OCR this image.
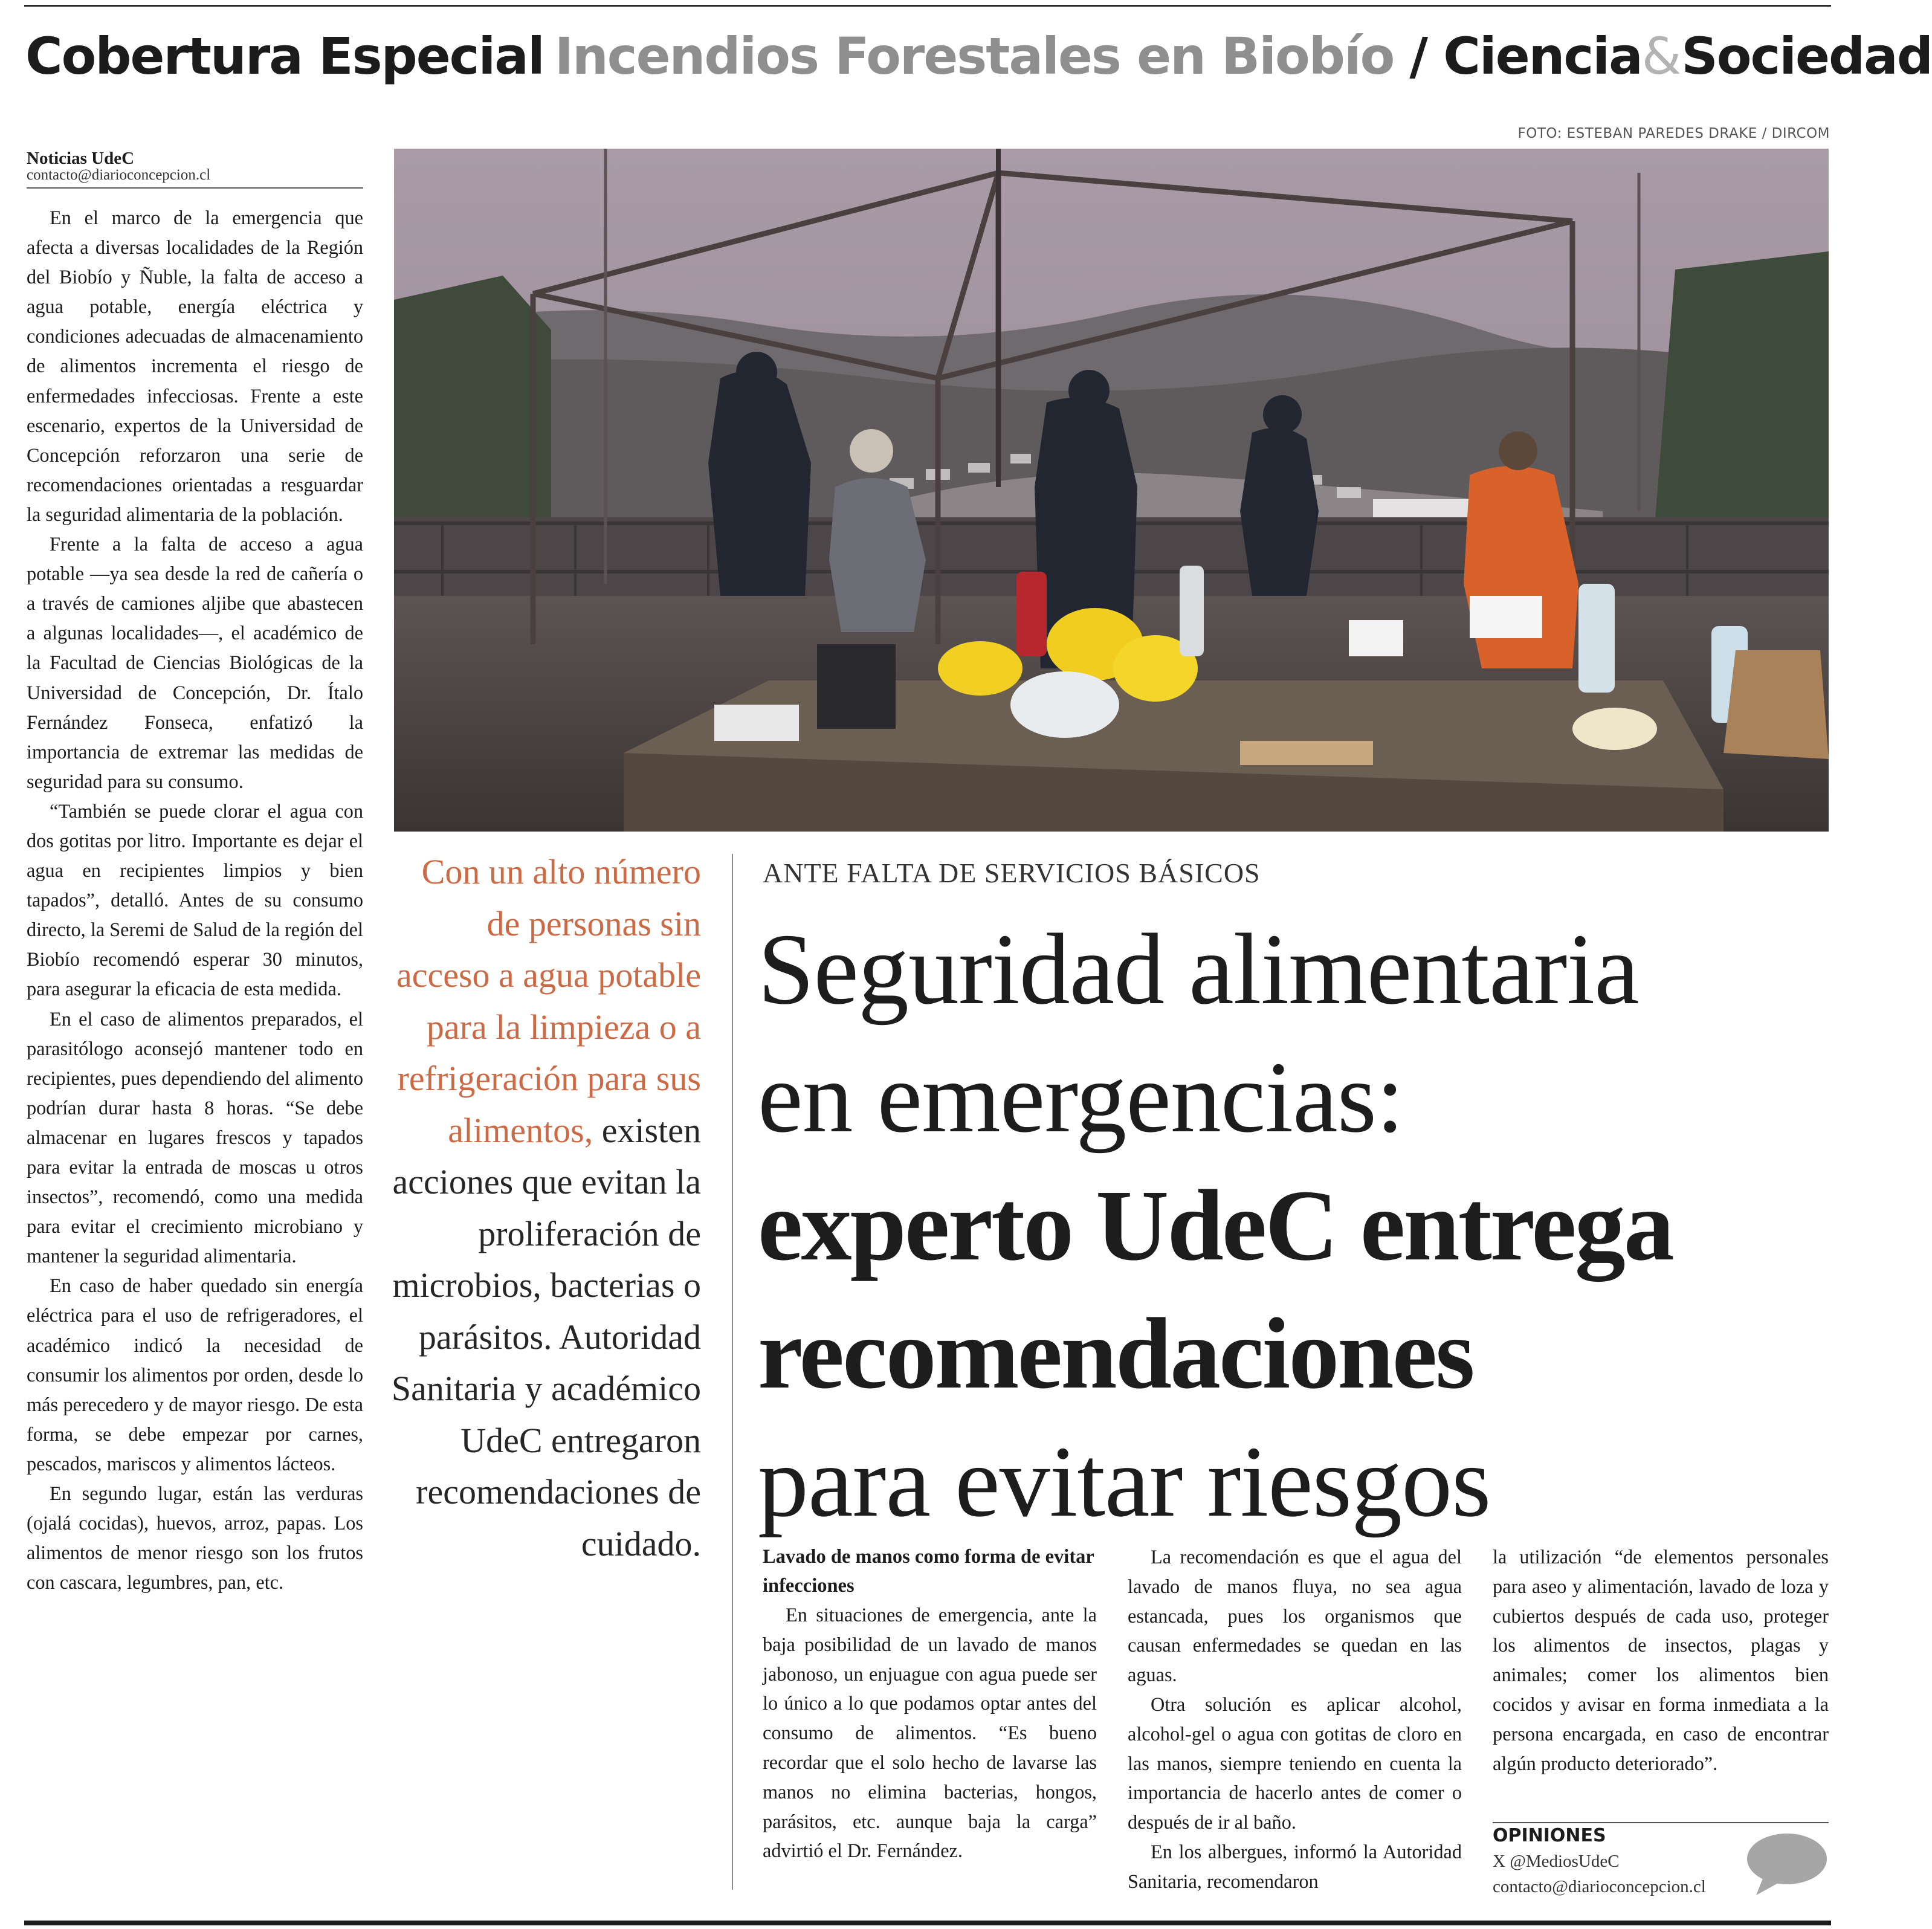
Cobertura Especial Incendios Forestales en Biobío / Ciencia&Sociedad
Noticias UdeC
contacto@diarioconcepcion.cl

En el marco de la emergencia que afecta a diversas localidades de la Región del Biobío y Ñuble, la falta de acceso a agua potable, energía eléctrica y condiciones adecuadas de almacenamiento de alimentos incrementa el riesgo de enfermedades infecciosas. Frente a este escenario, expertos de la Universidad de Concepción reforzaron una serie de recomendaciones orientadas a resguardar la seguridad alimentaria de la población.

Frente a la falta de acceso a agua potable —ya sea desde la red de cañería o a través de camiones aljibe que abastecen a algunas localidades—, el académico de la Facultad de Ciencias Biológicas de la Universidad de Concepción, Dr. Ítalo Fernández Fonseca, enfatizó la importancia de extremar las medidas de seguridad para su consumo.

“También se puede clorar el agua con dos gotitas por litro. Importante es dejar el agua en recipientes limpios y bien tapados”, detalló. Antes de su consumo directo, la Seremi de Salud de la región del Biobío recomendó esperar 30 minutos, para asegurar la eficacia de esta medida.

En el caso de alimentos preparados, el parasitólogo aconsejó mantener todo en recipientes, pues dependiendo del alimento podrían durar hasta 8 horas. “Se debe almacenar en lugares frescos y tapados para evitar la entrada de moscas u otros insectos”, recomendó, como una medida para evitar el crecimiento microbiano y mantener la seguridad alimentaria.

En caso de haber quedado sin energía eléctrica para el uso de refrigeradores, el académico indicó la necesidad de consumir los alimentos por orden, desde lo más perecedero y de mayor riesgo. De esta forma, se debe empezar por carnes, pescados, mariscos y alimentos lácteos.

En segundo lugar, están las verduras (ojalá cocidas), huevos, arroz, papas. Los alimentos de menor riesgo son los frutos con cascara, legumbres, pan, etc.

FOTO: ESTEBAN PAREDES DRAKE / DIRCOM
Con un alto número de personas sin acceso a agua potable para la limpieza o a refrigeración para sus alimentos, existen acciones que evitan la proliferación de microbios, bacterias o parásitos. Autoridad Sanitaria y académico UdeC entregaron recomendaciones de cuidado.
ANTE FALTA DE SERVICIOS BÁSICOS
Seguridad alimentaria
en emergencias:
experto UdeC entrega
recomendaciones
para evitar riesgos
Lavado de manos como forma de evitar infecciones

En situaciones de emergencia, ante la baja posibilidad de un lavado de manos jabonoso, un enjuague con agua puede ser lo único a lo que podamos optar antes del consumo de alimentos. “Es bueno recordar que el solo hecho de lavarse las manos no elimina bacterias, hongos, parásitos, etc. aunque baja la carga” advirtió el Dr. Fernández.

La recomendación es que el agua del lavado de manos fluya, no sea agua estancada, pues los organismos que causan enfermedades se quedan en las aguas.

Otra solución es aplicar alcohol, alcohol-gel o agua con gotitas de cloro en las manos, siempre teniendo en cuenta la importancia de hacerlo antes de comer o después de ir al baño.

En los albergues, informó la Autoridad Sanitaria, recomendaron

la utilización “de elementos personales para aseo y alimentación, lavado de loza y cubiertos después de cada uso, proteger los alimentos de insectos, plagas y animales; comer los alimentos bien cocidos y avisar en forma inmediata a la persona encargada, en caso de encontrar algún producto deteriorado”.

OPINIONES
X @MediosUdeC
contacto@diarioconcepcion.cl
